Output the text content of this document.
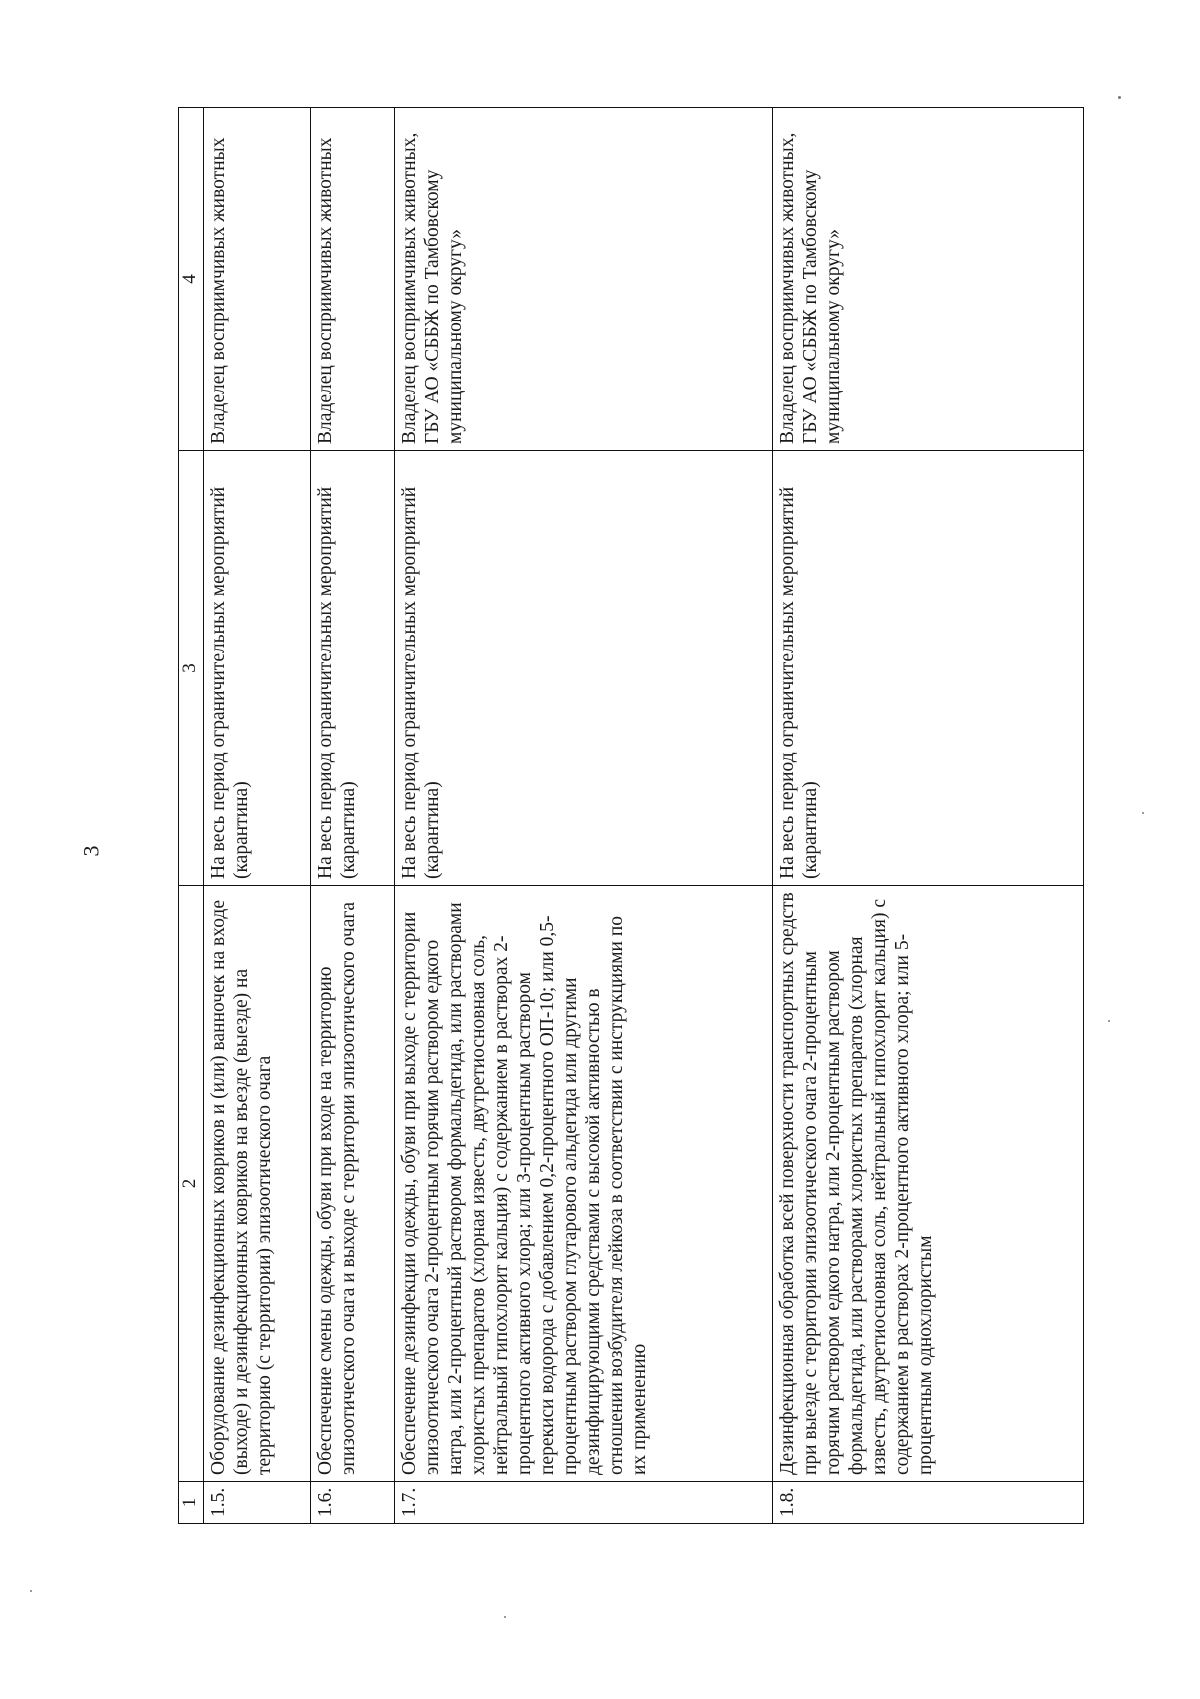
3
1	2	3	4
1.5.	Оборудование дезинфекционных ковриков и (или) ванночек на входе (выходе) и дезинфекционных ковриков на въезде (выезде) на территорию (с территории) эпизоотического очага	На весь период ограничительных мероприятий (карантина)	Владелец восприимчивых животных
1.6.	Обеспечение смены одежды, обуви при входе на территорию эпизоотического очага и выходе с территории эпизоотического очага	На весь период ограничительных мероприятий (карантина)	Владелец восприимчивых животных
1.7.	Обеспечение дезинфекции одежды, обуви при выходе с территории эпизоотического очага 2-процентным горячим раствором едкого натра, или 2-процентный раствором формальдегида, или растворами хлористых препаратов (хлорная известь, двутретиосновная соль, нейтральный гипохлорит кальция) с содержанием в растворах 2-процентного активного хлора; или 3-процентным раствором перекиси водорода с добавлением 0,2-процентного ОП-10; или 0,5-процентным раствором глутарового альдегида или другими дезинфицирующими средствами с высокой активностью в отношении возбудителя лейкоза в соответствии с инструкциями по их применению	На весь период ограничительных мероприятий (карантина)	Владелец восприимчивых животных, ГБУ АО «СББЖ по Тамбовскому муниципальному округу»
1.8.	Дезинфекционная обработка всей поверхности транспортных средств при выезде с территории эпизоотического очага 2-процентным горячим раствором едкого натра, или 2-процентным раствором формальдегида, или растворами хлористых препаратов (хлорная известь, двутретиосновная соль, нейтральный гипохлорит кальция) с содержанием в растворах 2-процентного активного хлора; или 5-процентным однохлористым	На весь период ограничительных мероприятий (карантина)	Владелец восприимчивых животных, ГБУ АО «СББЖ по Тамбовскому муниципальному округу»
